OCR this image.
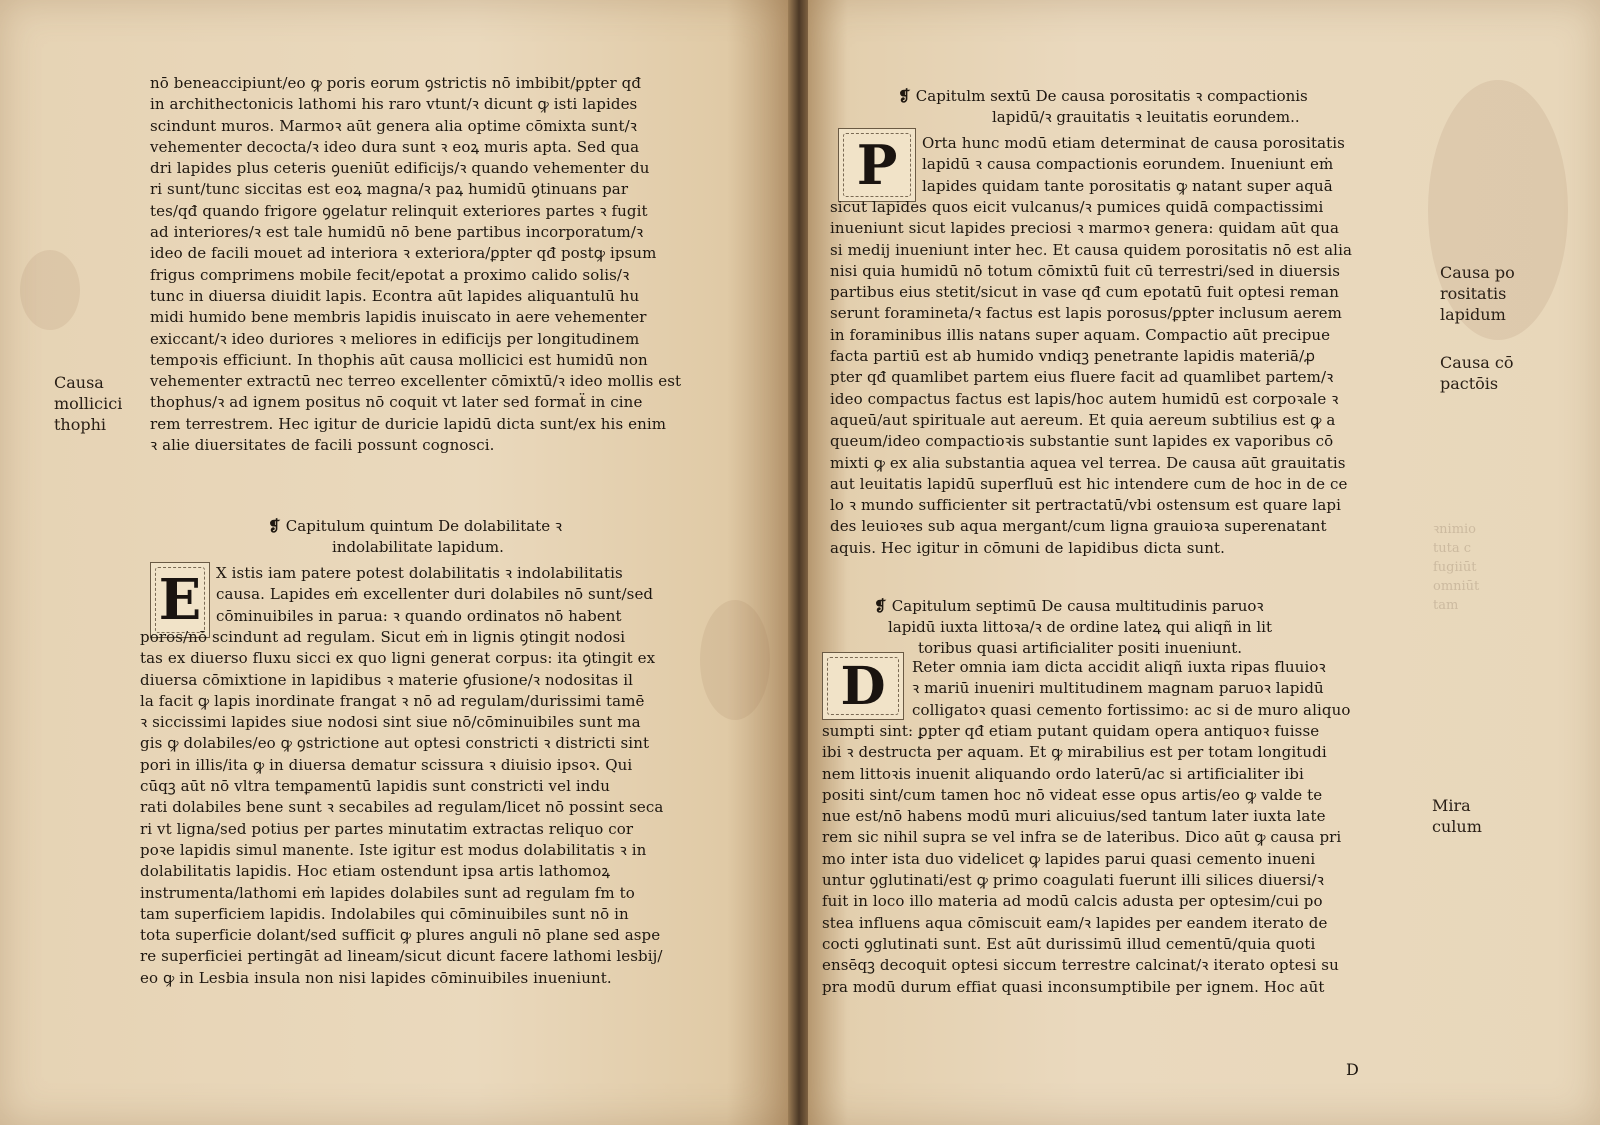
nō beneaccipiunt/eo ꝙ poris eorum ꝯstrictis nō imbibit/ꝑpter qđ
in archithectonicis lathomi his raro vtunt/ꝛ dicunt ꝙ isti lapides
scindunt muros. Marmoꝛ aūt genera alia optime cōmixta sunt/ꝛ
vehementer decocta/ꝛ ideo dura sunt ꝛ eoꝝ muris apta. Sed qua
dri lapides plus ceteris ꝯueniūt edificijs/ꝛ quando vehementer du
ri sunt/tunc siccitas est eoꝝ magna/ꝛ paꝝ humidū ꝯtinuans par
tes/qđ quando frigore ꝯgelatur relinquit exteriores partes ꝛ fugit
ad interiores/ꝛ est tale humidū nō bene partibus incorporatum/ꝛ
ideo de facili mouet ad interiora ꝛ exteriora/ꝑpter qđ postꝙ ipsum
frigus comprimens mobile fecit/epotat a proximo calido solis/ꝛ
tunc in diuersa diuidit lapis. Econtra aūt lapides aliquantulū hu
midi humido bene membris lapidis inuiscato in aere vehementer
exiccant/ꝛ ideo duriores ꝛ meliores in edificijs per longitudinem
tempoꝛis efficiunt. In thophis aūt causa mollicici est humidū non
vehementer extractū nec terreo excellenter cōmixtū/ꝛ ideo mollis est
thophus/ꝛ ad ignem positus nō coquit vt later sed formaẗ in cine
rem terrestrem. Hec igitur de duricie lapidū dicta sunt/ex his enim
ꝛ alie diuersitates de facili possunt cognosci.
Causa
mollicici
thophi
❡ Capitulum quintum De dolabilitate ꝛ
indolabilitate lapidum.
E X istis iam patere potest dolabilitatis ꝛ indolabilitatis
causa. Lapides eṁ excellenter duri dolabiles nō sunt/sed
cōminuibiles in parua: ꝛ quando ordinatos nō habent
poros/nō scindunt ad regulam. Sicut eṁ in lignis ꝯtingit nodosi
tas ex diuerso fluxu sicci ex quo ligni generat corpus: ita ꝯtingit ex
diuersa cōmixtione in lapidibus ꝛ materie ꝯfusione/ꝛ nodositas il
la facit ꝙ lapis inordinate frangat ꝛ nō ad regulam/durissimi tamē
ꝛ siccissimi lapides siue nodosi sint siue nō/cōminuibiles sunt ma
gis ꝙ dolabiles/eo ꝙ ꝯstrictione aut optesi constricti ꝛ districti sint
pori in illis/ita ꝙ in diuersa dematur scissura ꝛ diuisio ipsoꝛ. Qui
cūqꝫ aūt nō vltra temꝑamentū lapidis sunt constricti vel indu
rati dolabiles bene sunt ꝛ secabiles ad regulam/licet nō possint seca
ri vt ligna/sed potius per partes minutatim extractas reliquo cor
poꝛe lapidis simul manente. Iste igitur est modus dolabilitatis ꝛ in
dolabilitatis lapidis. Hoc etiam ostendunt ipsa artis lathomoꝝ
instrumenta/lathomi eṁ lapides dolabiles sunt ad regulam fm to
tam superficiem lapidis. Indolabiles qui cōminuibiles sunt nō in
tota superficie dolant/sed sufficit ꝙ plures anguli nō plane sed aspe
re superficiei pertingāt ad lineam/sicut dicunt facere lathomi lesbij/
eo ꝙ in Lesbia insula non nisi lapides cōminuibiles inueniunt.
ꝛnimio
tuta c
fugiiūt
omniūt
tam
❡ Capitulm sextū De causa porositatis ꝛ compactionis
lapidū/ꝛ grauitatis ꝛ leuitatis eorundem..
P Orta hunc modū etiam determinat de causa porositatis
lapidū ꝛ causa compactionis eorundem. Inueniunt eṁ
lapides quidam tante porositatis ꝙ natant super aquā
sicut lapides quos eicit vulcanus/ꝛ pumices quidā compactissimi
inueniunt sicut lapides preciosi ꝛ marmoꝛ genera: quidam aūt qua
si medij inueniunt inter hec. Et causa quidem porositatis nō est alia
nisi quia humidū nō totum cōmixtū fuit cū terrestri/sed in diuersis
partibus eius stetit/sicut in vase qđ cum epotatū fuit optesi reman
serunt foramineta/ꝛ factus est lapis porosus/ꝑpter inclusum aerem
in foraminibus illis natans super aquam. Compactio aūt precipue
facta partiū est ab humido vndiqꝫ penetrante lapidis materiā/ꝓ
pter qđ quamlibet partem eius fluere facit ad quamlibet partem/ꝛ
ideo compactus factus est lapis/hoc autem humidū est corpoꝛale ꝛ
aqueū/aut spirituale aut aereum. Et quia aereum subtilius est ꝙ a
queum/ideo compactioꝛis substantie sunt lapides ex vaporibus cō
mixti ꝙ ex alia substantia aquea vel terrea. De causa aūt grauitatis
aut leuitatis lapidū superfluū est hic intendere cum de hoc in de ce
lo ꝛ mundo sufficienter sit pertractatū/vbi ostensum est quare lapi
des leuioꝛes sub aqua mergant/cum ligna grauioꝛa superenatant
aquis. Hec igitur in cōmuni de lapidibus dicta sunt.
Causa po
rositatis
lapidum
Causa cō
pactōis
❡ Capitulum septimū De causa multitudinis paruoꝛ
lapidū iuxta littoꝛa/ꝛ de ordine lateꝝ qui aliqñ in lit
toribus quasi artificialiter positi inueniunt.
D Reter omnia iam dicta accidit aliqñ iuxta ripas fluuioꝛ
ꝛ mariū inueniri multitudinem magnam paruoꝛ lapidū
colligatoꝛ quasi cemento fortissimo: ac si de muro aliquo
sumpti sint: ꝑpter qđ etiam putant quidam opera antiquoꝛ fuisse
ibi ꝛ destructa per aquam. Et ꝙ mirabilius est per totam longitudi
nem littoꝛis inuenit aliquando ordo laterū/ac si artificialiter ibi
positi sint/cum tamen hoc nō videat esse opus artis/eo ꝙ valde te
nue est/nō habens modū muri alicuius/sed tantum later iuxta late
rem sic nihil supra se vel infra se de lateribus. Dico aūt ꝙ causa pri
mo inter ista duo videlicet ꝙ lapides parui quasi cemento inueni
untur ꝯglutinati/est ꝙ primo coagulati fuerunt illi silices diuersi/ꝛ
fuit in loco illo materia ad modū calcis adusta per optesim/cui po
stea influens aqua cōmiscuit eam/ꝛ lapides per eandem iterato de
cocti ꝯglutinati sunt. Est aūt durissimū illud cementū/quia quoti
ensēqꝫ decoquit optesi siccum terrestre calcinat/ꝛ iterato optesi su
pra modū durum effiat quasi inconsumptibile per ignem. Hoc aūt
Mira
culum
D
